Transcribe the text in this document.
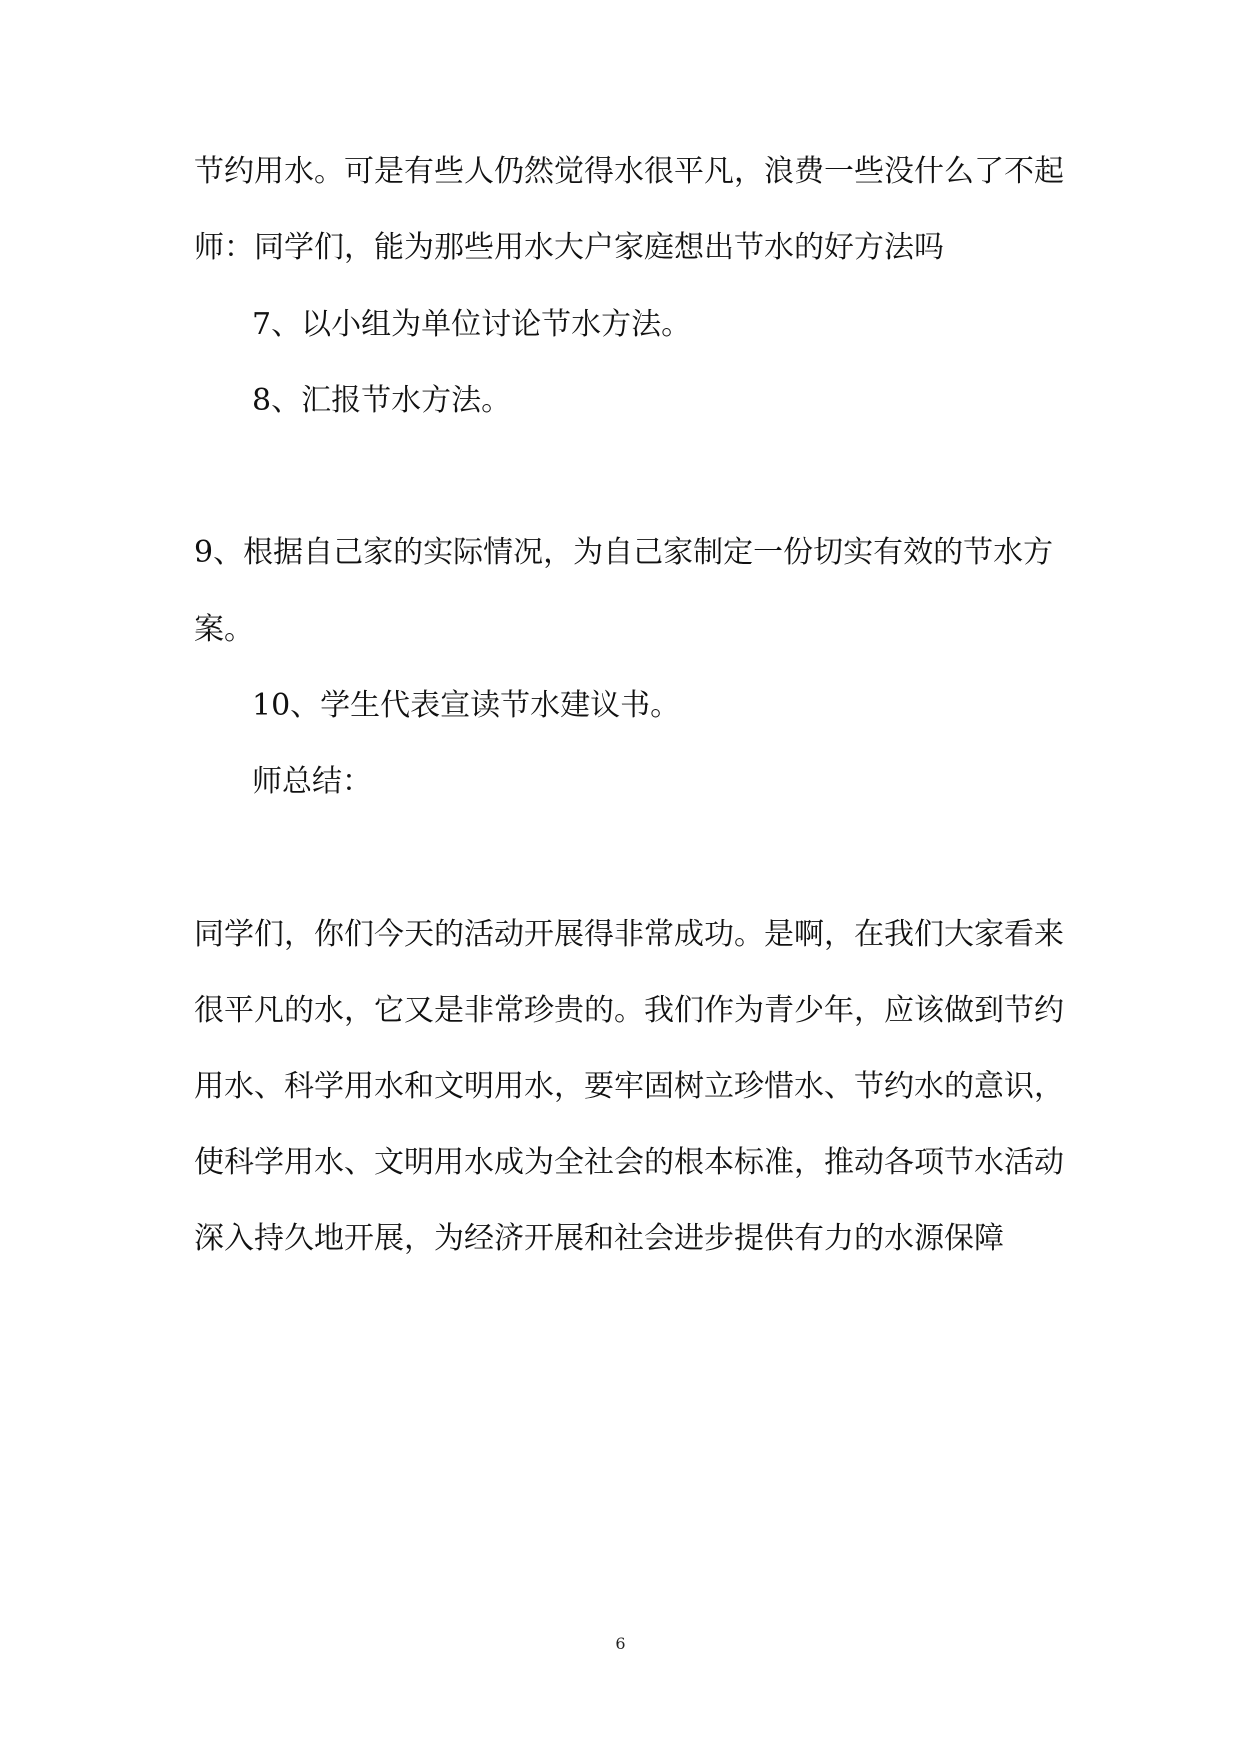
节约用水。可是有些人仍然觉得水很平凡，浪费一些没什么了不起
师：同学们，能为那些用水大户家庭想出节水的好方法吗
7、以小组为单位讨论节水方法。
8、汇报节水方法。
9、根据自己家的实际情况，为自己家制定一份切实有效的节水方
案。
10、学生代表宣读节水建议书。
师总结：
同学们，你们今天的活动开展得非常成功。是啊，在我们大家看来
很平凡的水，它又是非常珍贵的。我们作为青少年，应该做到节约
用水、科学用水和文明用水，要牢固树立珍惜水、节约水的意识，
使科学用水、文明用水成为全社会的根本标准，推动各项节水活动
深入持久地开展，为经济开展和社会进步提供有力的水源保障
6
